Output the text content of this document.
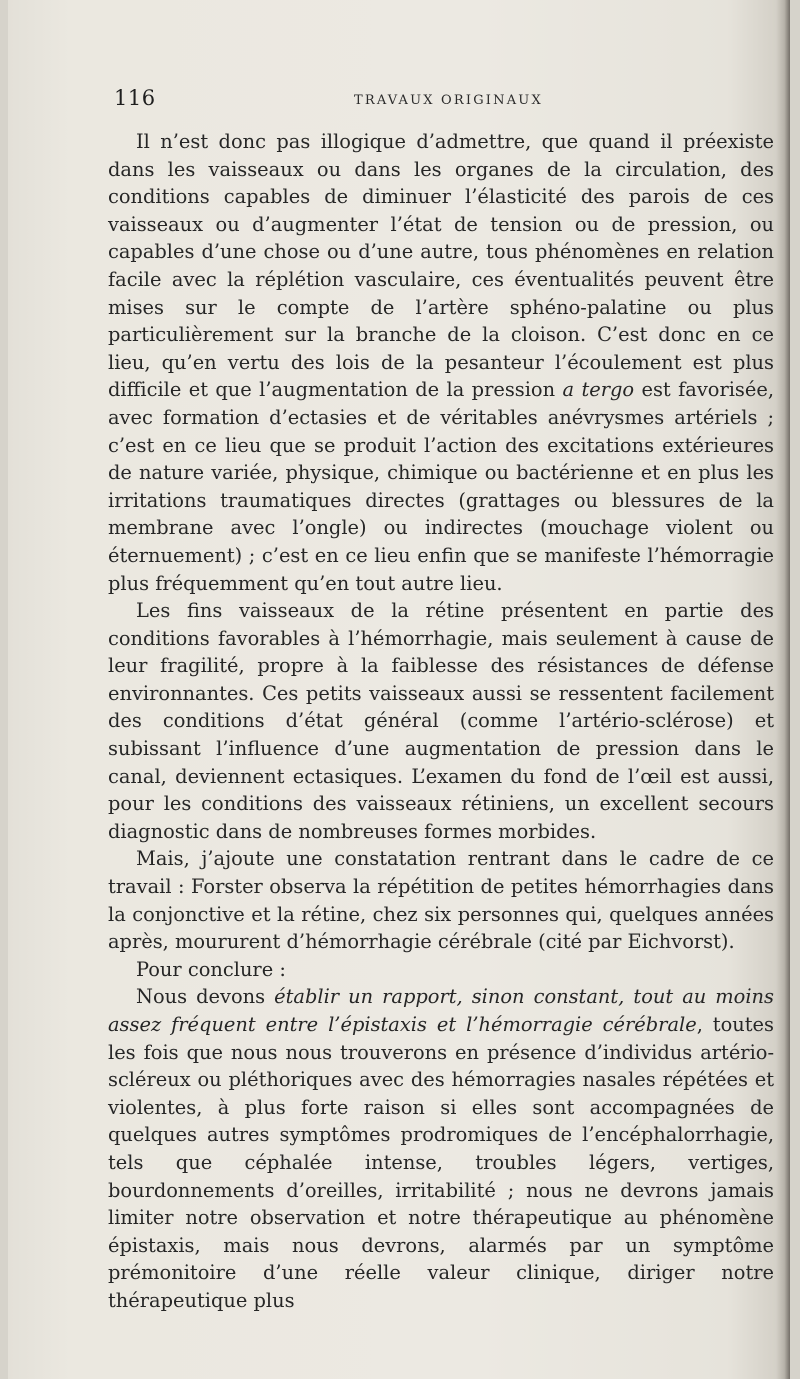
116	TRAVAUX ORIGINAUX

Il n’est donc pas illogique d’admettre, que quand il préexiste dans les vaisseaux ou dans les organes de la circulation, des conditions capables de diminuer l’élasticité des parois de ces vaisseaux ou d’augmenter l’état de tension ou de pression, ou capables d’une chose ou d’une autre, tous phénomènes en relation facile avec la réplétion vasculaire, ces éventualités peuvent être mises sur le compte de l’artère sphéno-palatine ou plus particulièrement sur la branche de la cloison. C’est donc en ce lieu, qu’en vertu des lois de la pesanteur l’écoulement est plus difficile et que l’augmentation de la pression a tergo est favorisée, avec formation d’ectasies et de véritables anévrysmes artériels ; c’est en ce lieu que se produit l’action des excitations extérieures de nature variée, physique, chimique ou bactérienne et en plus les irritations traumatiques directes (grattages ou blessures de la membrane avec l’ongle) ou indirectes (mouchage violent ou éternuement) ; c’est en ce lieu enfin que se manifeste l’hémorragie plus fréquemment qu’en tout autre lieu.

Les fins vaisseaux de la rétine présentent en partie des conditions favorables à l’hémorrhagie, mais seulement à cause de leur fragilité, propre à la faiblesse des résistances de défense environnantes. Ces petits vaisseaux aussi se ressentent facilement des conditions d’état général (comme l’artério-sclérose) et subissant l’influence d’une augmentation de pression dans le canal, deviennent ectasiques. L’examen du fond de l’œil est aussi, pour les conditions des vaisseaux rétiniens, un excellent secours diagnostic dans de nombreuses formes morbides.

Mais, j’ajoute une constatation rentrant dans le cadre de ce travail : Forster observa la répétition de petites hémorrhagies dans la conjonctive et la rétine, chez six personnes qui, quelques années après, moururent d’hémorrhagie cérébrale (cité par Eichvorst).

Pour conclure :

Nous devons établir un rapport, sinon constant, tout au moins assez fréquent entre l’épistaxis et l’hémorragie cérébrale, toutes les fois que nous nous trouverons en présence d’individus artério-scléreux ou pléthoriques avec des hémorragies nasales répétées et violentes, à plus forte raison si elles sont accompagnées de quelques autres symptômes prodromiques de l’encéphalorrhagie, tels que céphalée intense, troubles légers, vertiges, bourdonnements d’oreilles, irritabilité ; nous ne devrons jamais limiter notre observation et notre thérapeutique au phénomène épistaxis, mais nous devrons, alarmés par un symptôme prémonitoire d’une réelle valeur clinique, diriger notre thérapeutique plus
